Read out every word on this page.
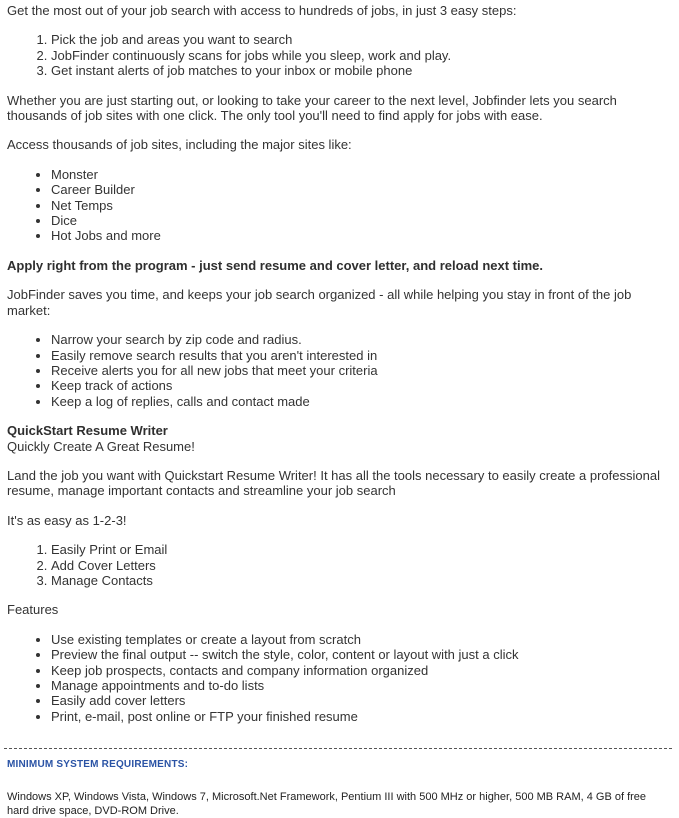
Get the most out of your job search with access to hundreds of jobs, in just 3 easy steps:

1. Pick the job and areas you want to search
2. JobFinder continuously scans for jobs while you sleep, work and play.
3. Get instant alerts of job matches to your inbox or mobile phone

Whether you are just starting out, or looking to take your career to the next level, Jobfinder lets you search thousands of job sites with one click. The only tool you'll need to find apply for jobs with ease.

Access thousands of job sites, including the major sites like:

• Monster
• Career Builder
• Net Temps
• Dice
• Hot Jobs and more

Apply right from the program - just send resume and cover letter, and reload next time.

JobFinder saves you time, and keeps your job search organized - all while helping you stay in front of the job market:

• Narrow your search by zip code and radius.
• Easily remove search results that you aren't interested in
• Receive alerts you for all new jobs that meet your criteria
• Keep track of actions
• Keep a log of replies, calls and contact made

QuickStart Resume Writer

Quickly Create A Great Resume!

Land the job you want with Quickstart Resume Writer! It has all the tools necessary to easily create a professional resume, manage important contacts and streamline your job search

It's as easy as 1-2-3!

1. Easily Print or Email
2. Add Cover Letters
3. Manage Contacts

Features

• Use existing templates or create a layout from scratch
• Preview the final output -- switch the style, color, content or layout with just a click
• Keep job prospects, contacts and company information organized
• Manage appointments and to-do lists
• Easily add cover letters
• Print, e-mail, post online or FTP your finished resume

MINIMUM SYSTEM REQUIREMENTS:

Windows XP, Windows Vista, Windows 7, Microsoft.Net Framework, Pentium III with 500 MHz or higher, 500 MB RAM, 4 GB of free hard drive space, DVD-ROM Drive.
